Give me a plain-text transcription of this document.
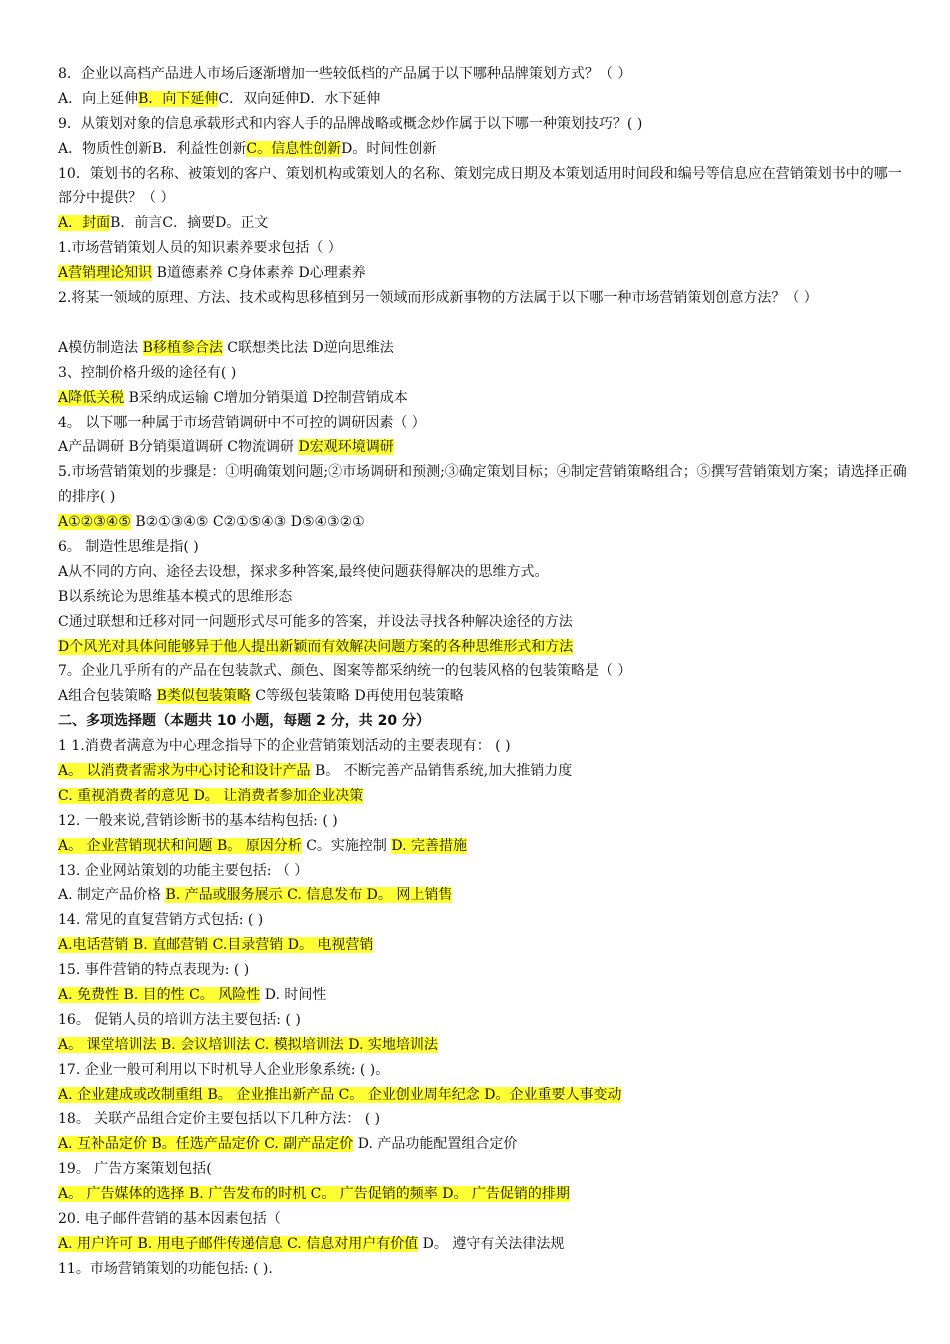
8．企业以高档产品进人市场后逐渐增加一些较低档的产品属于以下哪种品牌策划方式？（ ）
A．向上延伸B．向下延伸C．双向延伸D．水下延伸
9．从策划对象的信息承载形式和内容人手的品牌战略或概念炒作属于以下哪一种策划技巧？( )
A．物质性创新B．利益性创新C。信息性创新D。时间性创新
10．策划书的名称、被策划的客户、策划机构或策划人的名称、策划完成日期及本策划适用时间段和编号等信息应在营销策划书中的哪一部分中提供？（ ）
A．封面B．前言C．摘要D。正文
1.市场营销策划人员的知识素养要求包括（ ）
A营销理论知识 B道德素养 C身体素养 D心理素养
2.将某一领域的原理、方法、技术或构思移植到另一领域而形成新事物的方法属于以下哪一种市场营销策划创意方法？（ ）
A模仿制造法 B移植参合法 C联想类比法 D逆向思维法
3、控制价格升级的途径有( )
A降低关税 B采纳成运输 C增加分销渠道 D控制营销成本
4。 以下哪一种属于市场营销调研中不可控的调研因素（ ）
A产品调研 B分销渠道调研 C物流调研 D宏观环境调研
5.市场营销策划的步骤是：①明确策划问题;②市场调研和预测;③确定策划目标；④制定营销策略组合；⑤撰写营销策划方案；请选择正确的排序( )
A①②③④⑤ B②①③④⑤ C②①⑤④③ D⑤④③②①
6。 制造性思维是指( )
A从不同的方向、途径去设想，探求多种答案,最终使问题获得解决的思维方式。
B以系统论为思维基本模式的思维形态
C通过联想和迁移对同一问题形式尽可能多的答案，并设法寻找各种解决途径的方法
D个风光对具体问能够异于他人提出新颖而有效解决问题方案的各种思维形式和方法
7。企业几乎所有的产品在包装款式、颜色、图案等都采纳统一的包装风格的包装策略是（ ）
A组合包装策略 B类似包装策略 C等级包装策略 D再使用包装策略
二、多项选择题（本题共 10 小题，每题 2 分，共 20 分）
1 1.消费者满意为中心理念指导下的企业营销策划活动的主要表现有： ( )
A。 以消费者需求为中心讨论和设计产品 B。 不断完善产品销售系统,加大推销力度
C. 重视消费者的意见 D。 让消费者参加企业决策
12. 一般来说,营销诊断书的基本结构包括: ( )
A。 企业营销现状和问题 B。 原因分析 C。实施控制 D. 完善措施
13. 企业网站策划的功能主要包括: （ ）
A. 制定产品价格 B. 产品或服务展示 C. 信息发布 D。 网上销售
14. 常见的直复营销方式包括: ( )
A.电话营销 B. 直邮营销 C.目录营销 D。 电视营销
15. 事件营销的特点表现为: ( )
A. 免费性 B. 目的性 C。 风险性 D. 时间性
16。 促销人员的培训方法主要包括: ( )
A。 课堂培训法 B. 会议培训法 C. 模拟培训法 D. 实地培训法
17. 企业一般可利用以下时机导人企业形象系统: ( )。
A. 企业建成或改制重组 B。 企业推出新产品 C。 企业创业周年纪念 D。企业重要人事变动
18。 关联产品组合定价主要包括以下几种方法： ( )
A. 互补品定价 B。任选产品定价 C. 副产品定价 D. 产品功能配置组合定价
19。 广告方案策划包括(
A。 广告媒体的选择 B. 广告发布的时机 C。 广告促销的频率 D。 广告促销的排期
20. 电子邮件营销的基本因素包括（
A. 用户许可 B. 用电子邮件传递信息 C. 信息对用户有价值 D。 遵守有关法律法规
11。市场营销策划的功能包括: ( ).
